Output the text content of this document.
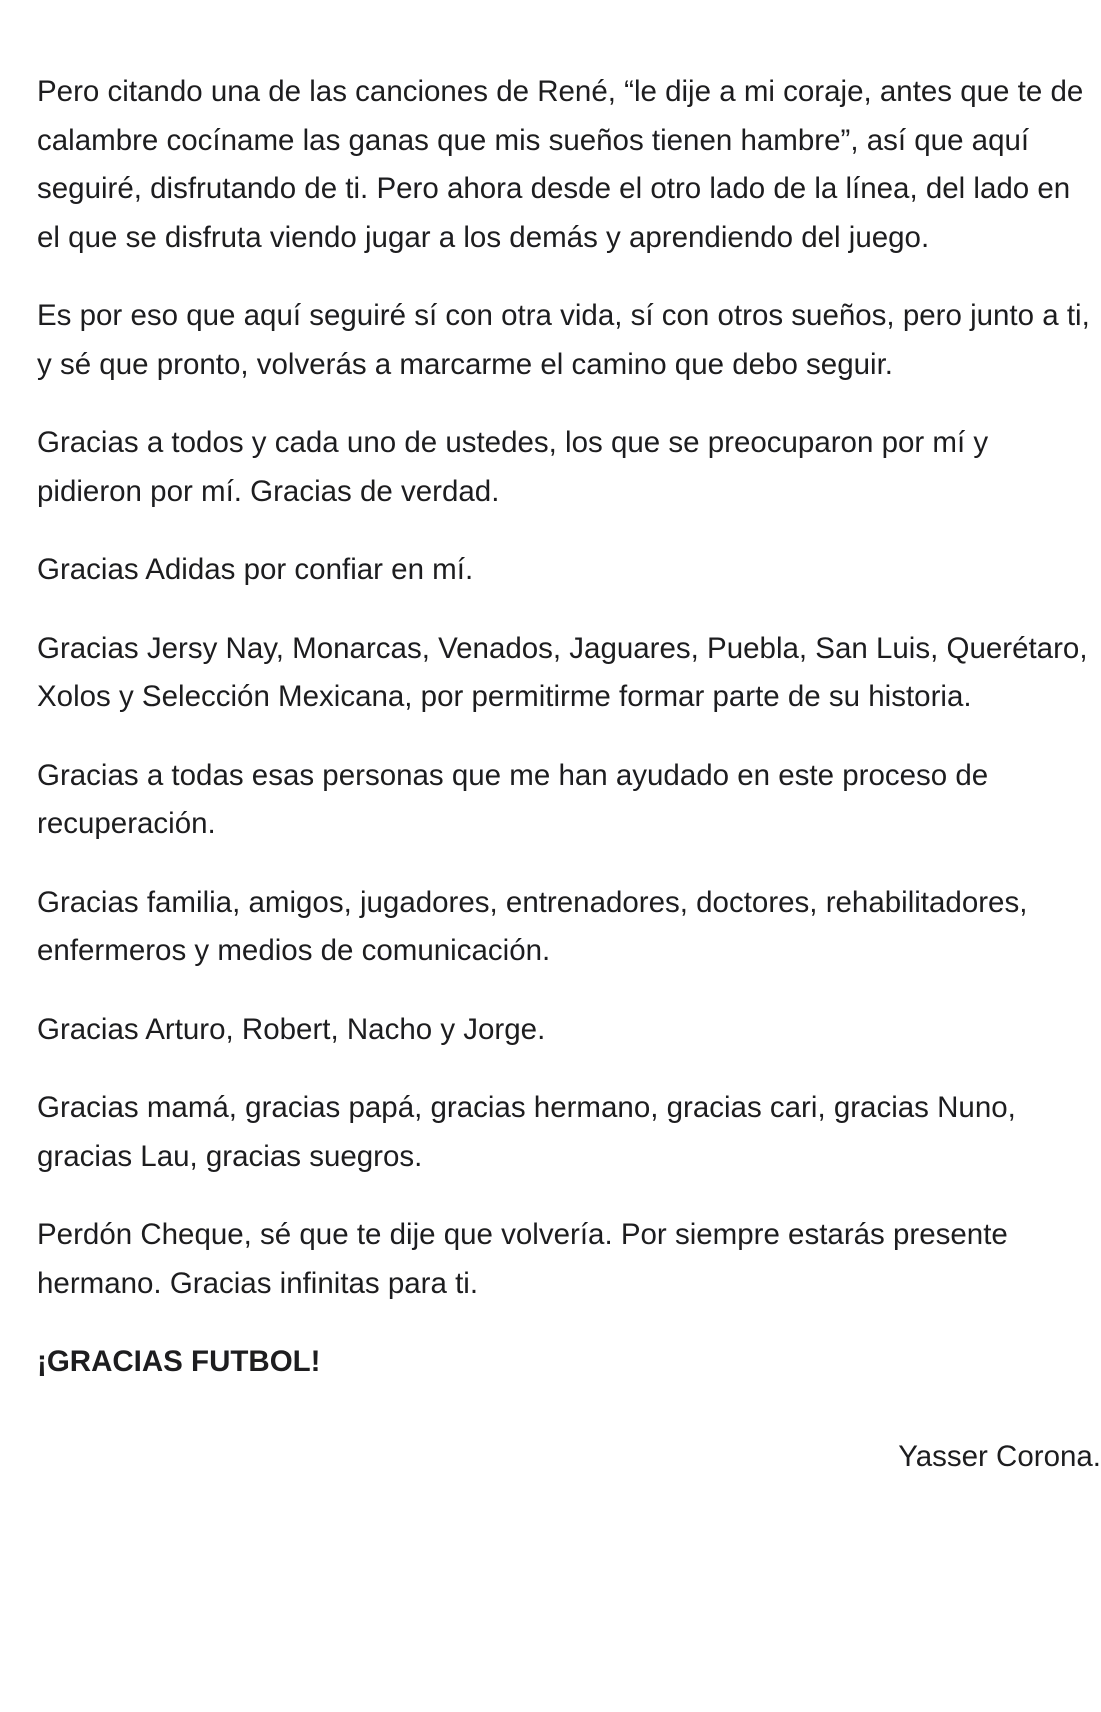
Pero citando una de las canciones de René, “le dije a mi coraje, antes que te de calambre cocíname las ganas que mis sueños tienen hambre”, así que aquí seguiré, disfrutando de ti. Pero ahora desde el otro lado de la línea, del lado en el que se disfruta viendo jugar a los demás y aprendiendo del juego.

Es por eso que aquí seguiré sí con otra vida, sí con otros sueños, pero junto a ti, y sé que pronto, volverás a marcarme el camino que debo seguir.

Gracias a todos y cada uno de ustedes, los que se preocuparon por mí y pidieron por mí. Gracias de verdad.

Gracias Adidas por confiar en mí.

Gracias Jersy Nay, Monarcas, Venados, Jaguares, Puebla, San Luis, Querétaro, Xolos y Selección Mexicana, por permitirme formar parte de su historia.

Gracias a todas esas personas que me han ayudado en este proceso de recuperación.

Gracias familia, amigos, jugadores, entrenadores, doctores, rehabilitadores, enfermeros y medios de comunicación.

Gracias Arturo, Robert, Nacho y Jorge.

Gracias mamá, gracias papá, gracias hermano, gracias cari, gracias Nuno, gracias Lau, gracias suegros.

Perdón Cheque, sé que te dije que volvería. Por siempre estarás presente hermano. Gracias infinitas para ti.

¡GRACIAS FUTBOL!

Yasser Corona.
